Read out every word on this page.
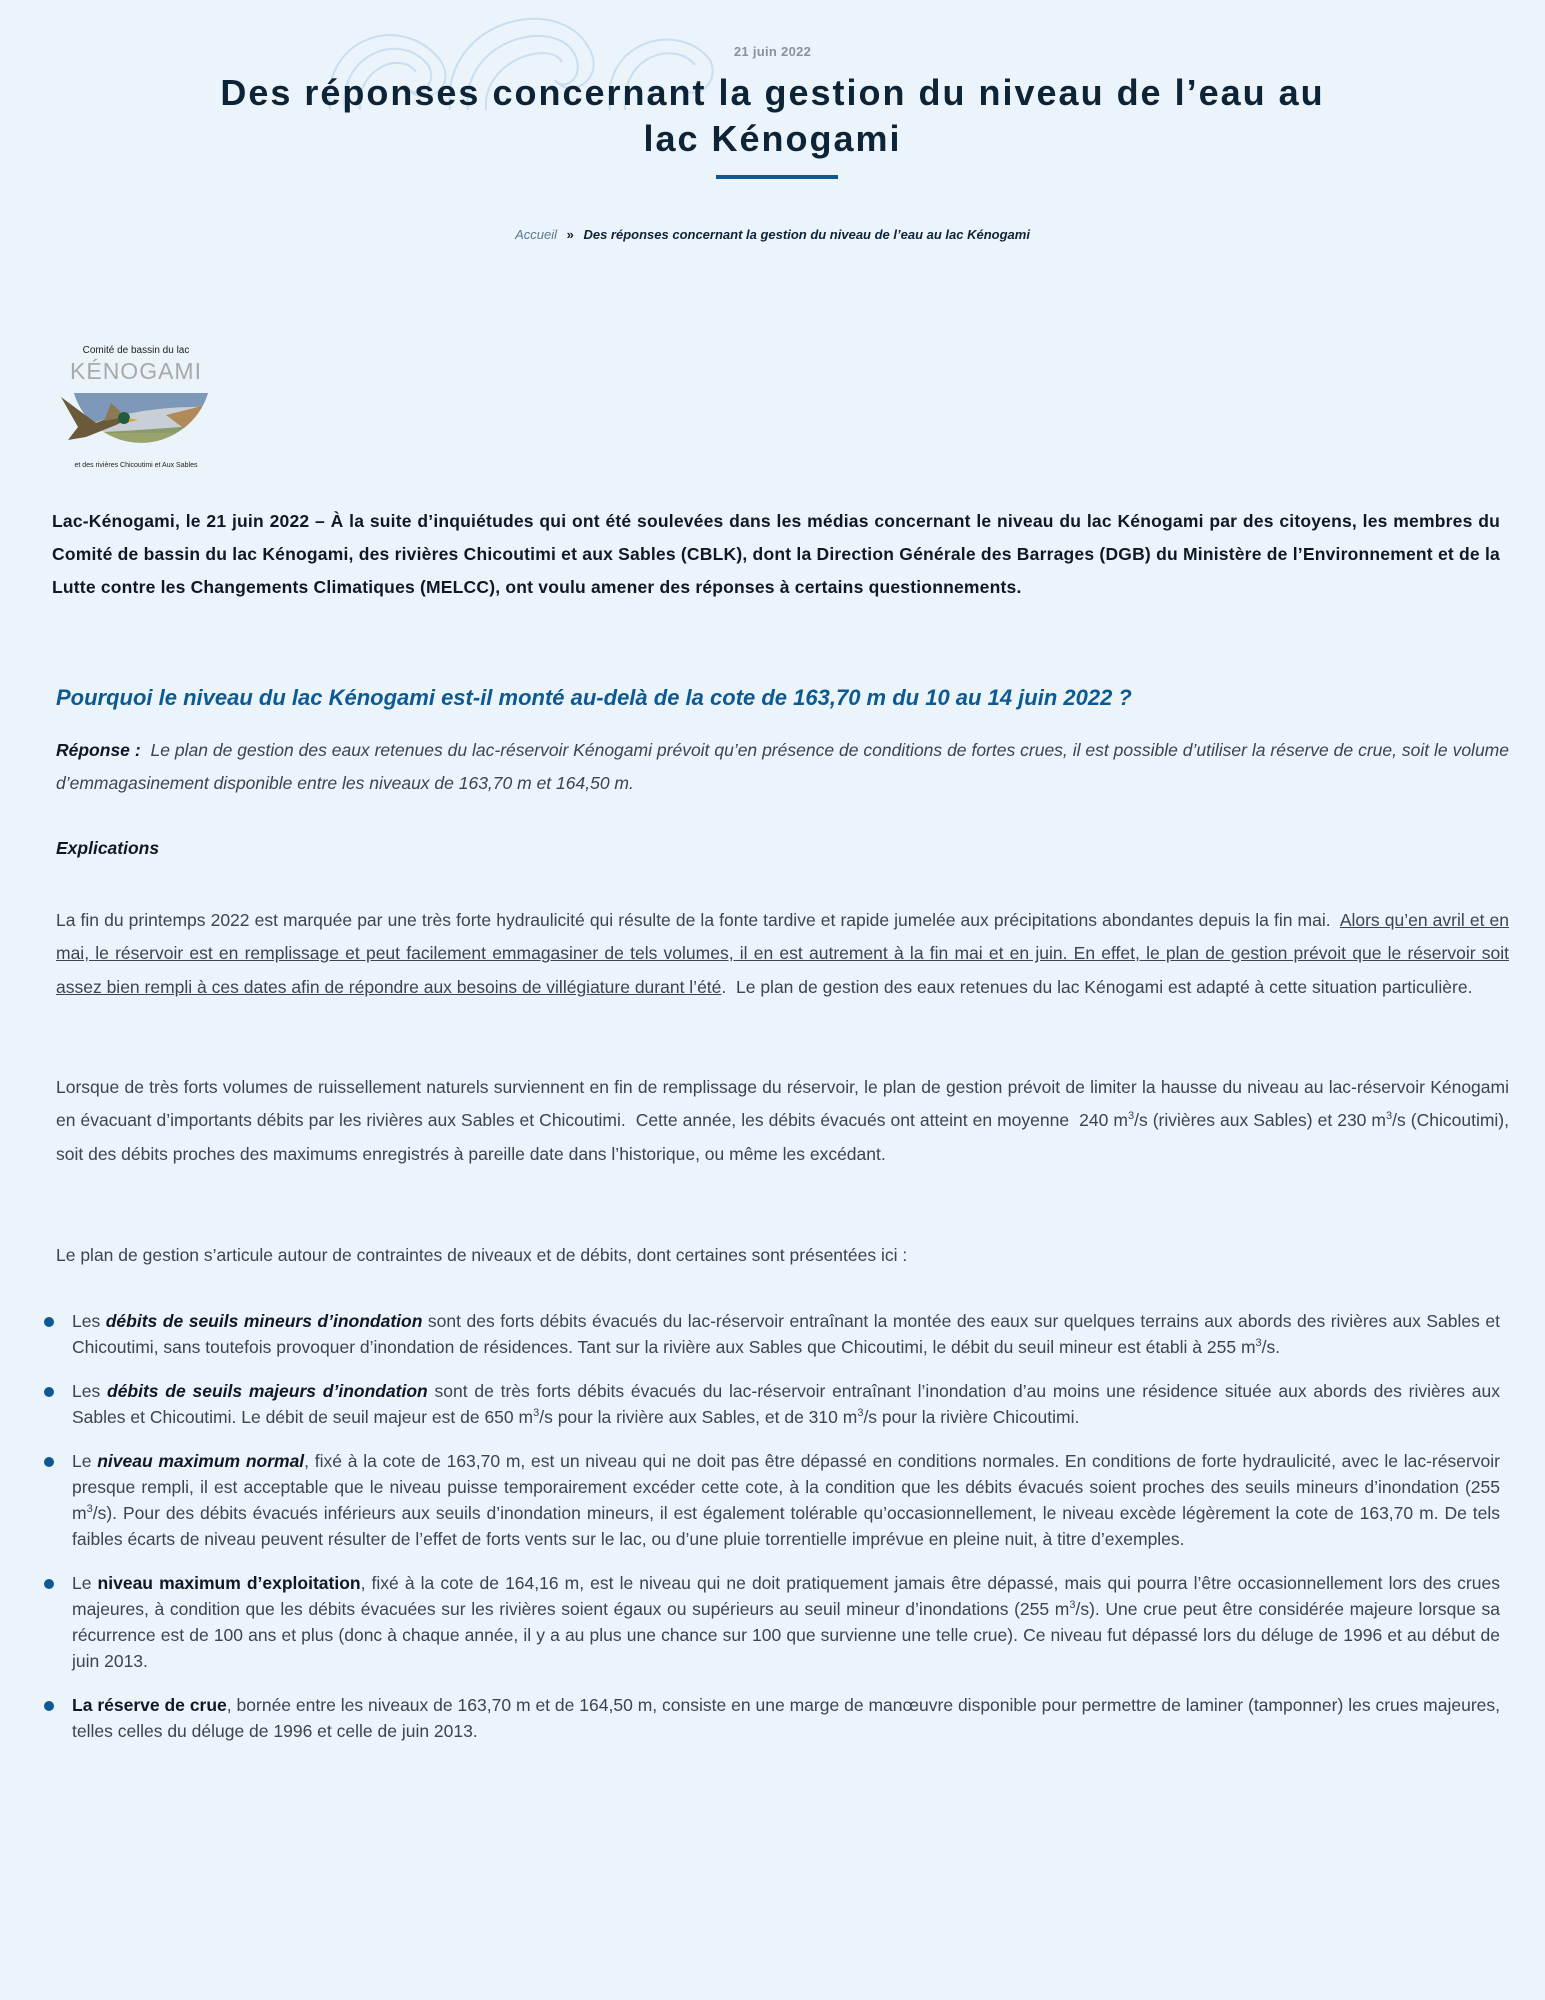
21 juin 2022
Des réponses concernant la gestion du niveau de l’eau au lac Kénogami
Accueil » Des réponses concernant la gestion du niveau de l’eau au lac Kénogami
Comité de bassin du lac
KÉNOGAMI
et des rivières Chicoutimi et Aux Sables

Lac-Kénogami, le 21 juin 2022 – À la suite d’inquiétudes qui ont été soulevées dans les médias concernant le niveau du lac Kénogami par des citoyens, les membres du Comité de bassin du lac Kénogami, des rivières Chicoutimi et aux Sables (CBLK), dont la Direction Générale des Barrages (DGB) du Ministère de l’Environnement et de la Lutte contre les Changements Climatiques (MELCC), ont voulu amener des réponses à certains questionnements.

Pourquoi le niveau du lac Kénogami est-il monté au-delà de la cote de 163,70 m du 10 au 14 juin 2022 ?

Réponse : Le plan de gestion des eaux retenues du lac-réservoir Kénogami prévoit qu’en présence de conditions de fortes crues, il est possible d’utiliser la réserve de crue, soit le volume d’emmagasinement disponible entre les niveaux de 163,70 m et 164,50 m.

Explications

La fin du printemps 2022 est marquée par une très forte hydraulicité qui résulte de la fonte tardive et rapide jumelée aux précipitations abondantes depuis la fin mai.  Alors qu’en avril et en mai, le réservoir est en remplissage et peut facilement emmagasiner de tels volumes, il en est autrement à la fin mai et en juin. En effet, le plan de gestion prévoit que le réservoir soit assez bien rempli à ces dates afin de répondre aux besoins de villégiature durant l’été.  Le plan de gestion des eaux retenues du lac Kénogami est adapté à cette situation particulière.

Lorsque de très forts volumes de ruissellement naturels surviennent en fin de remplissage du réservoir, le plan de gestion prévoit de limiter la hausse du niveau au lac-réservoir Kénogami en évacuant d’importants débits par les rivières aux Sables et Chicoutimi.  Cette année, les débits évacués ont atteint en moyenne  240 $m^3/s$ (rivières aux Sables) et 230 $m^3/s$ (Chicoutimi), soit des débits proches des maximums enregistrés à pareille date dans l’historique, ou même les excédant.

Le plan de gestion s’articule autour de contraintes de niveaux et de débits, dont certaines sont présentées ici :

Les débits de seuils mineurs d’inondation sont des forts débits évacués du lac-réservoir entraînant la montée des eaux sur quelques terrains aux abords des rivières aux Sables et Chicoutimi, sans toutefois provoquer d’inondation de résidences. Tant sur la rivière aux Sables que Chicoutimi, le débit du seuil mineur est établi à 255 $m^3/s$.
Les débits de seuils majeurs d’inondation sont de très forts débits évacués du lac-réservoir entraînant l’inondation d’au moins une résidence située aux abords des rivières aux Sables et Chicoutimi. Le débit de seuil majeur est de 650 $m^3/s$ pour la rivière aux Sables, et de 310 $m^3/s$ pour la rivière Chicoutimi.
Le niveau maximum normal, fixé à la cote de 163,70 m, est un niveau qui ne doit pas être dépassé en conditions normales. En conditions de forte hydraulicité, avec le lac-réservoir presque rempli, il est acceptable que le niveau puisse temporairement excéder cette cote, à la condition que les débits évacués soient proches des seuils mineurs d’inondation (255 $m^3/s$). Pour des débits évacués inférieurs aux seuils d’inondation mineurs, il est également tolérable qu’occasionnellement, le niveau excède légèrement la cote de 163,70 m. De tels faibles écarts de niveau peuvent résulter de l’effet de forts vents sur le lac, ou d’une pluie torrentielle imprévue en pleine nuit, à titre d’exemples.
Le niveau maximum d’exploitation, fixé à la cote de 164,16 m, est le niveau qui ne doit pratiquement jamais être dépassé, mais qui pourra l’être occasionnellement lors des crues majeures, à condition que les débits évacuées sur les rivières soient égaux ou supérieurs au seuil mineur d’inondations (255 $m^3/s$). Une crue peut être considérée majeure lorsque sa récurrence est de 100 ans et plus (donc à chaque année, il y a au plus une chance sur 100 que survienne une telle crue). Ce niveau fut dépassé lors du déluge de 1996 et au début de juin 2013.
La réserve de crue, bornée entre les niveaux de 163,70 m et de 164,50 m, consiste en une marge de manœuvre disponible pour permettre de laminer (tamponner) les crues majeures, telles celles du déluge de 1996 et celle de juin 2013.
